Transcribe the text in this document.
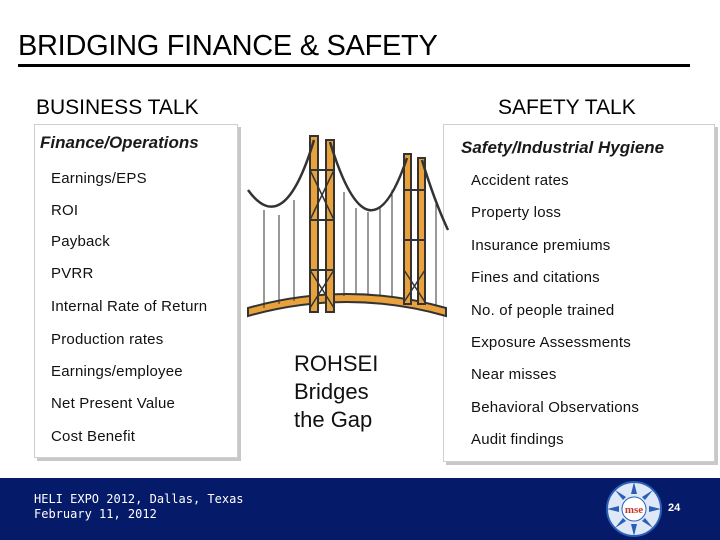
BRIDGING FINANCE & SAFETY
BUSINESS TALK	SAFETY TALK
Finance/Operations
Earnings/EPS
ROI
Payback
PVRR
Internal Rate of Return
Production rates
Earnings/employee
Net Present Value
Cost Benefit
Safety/Industrial Hygiene
Accident rates
Property loss
Insurance premiums
Fines and citations
No. of people trained
Exposure Assessments
Near misses
Behavioral Observations
Audit findings
ROHSEI
Bridges
the Gap
HELI EXPO 2012, Dallas, Texas
February 11, 2012	mse 24
